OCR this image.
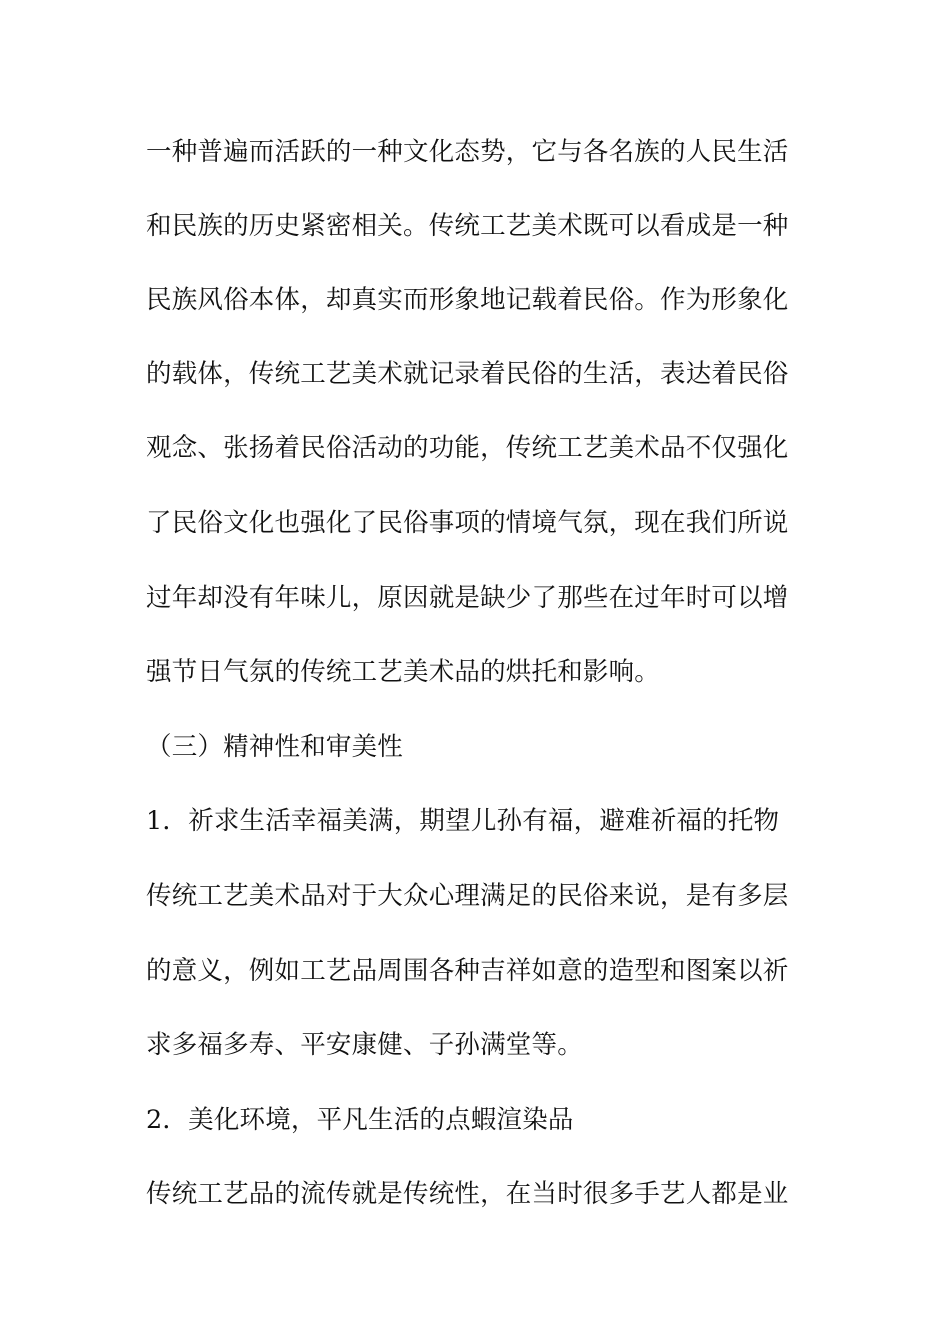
一种普遍而活跃的一种文化态势，它与各名族的人民生活
和民族的历史紧密相关。传统工艺美术既可以看成是一种
民族风俗本体，却真实而形象地记载着民俗。作为形象化
的载体，传统工艺美术就记录着民俗的生活，表达着民俗
观念、张扬着民俗活动的功能，传统工艺美术品不仅强化
了民俗文化也强化了民俗事项的情境气氛，现在我们所说
过年却没有年味儿，原因就是缺少了那些在过年时可以增
强节日气氛的传统工艺美术品的烘托和影响。
（三）精神性和审美性
1．祈求生活幸福美满，期望儿孙有福，避难祈福的托物
传统工艺美术品对于大众心理满足的民俗来说，是有多层
的意义，例如工艺品周围各种吉祥如意的造型和图案以祈
求多福多寿、平安康健、子孙满堂等。
2．美化环境，平凡生活的点蝦渲染品
传统工艺品的流传就是传统性，在当时很多手艺人都是业
